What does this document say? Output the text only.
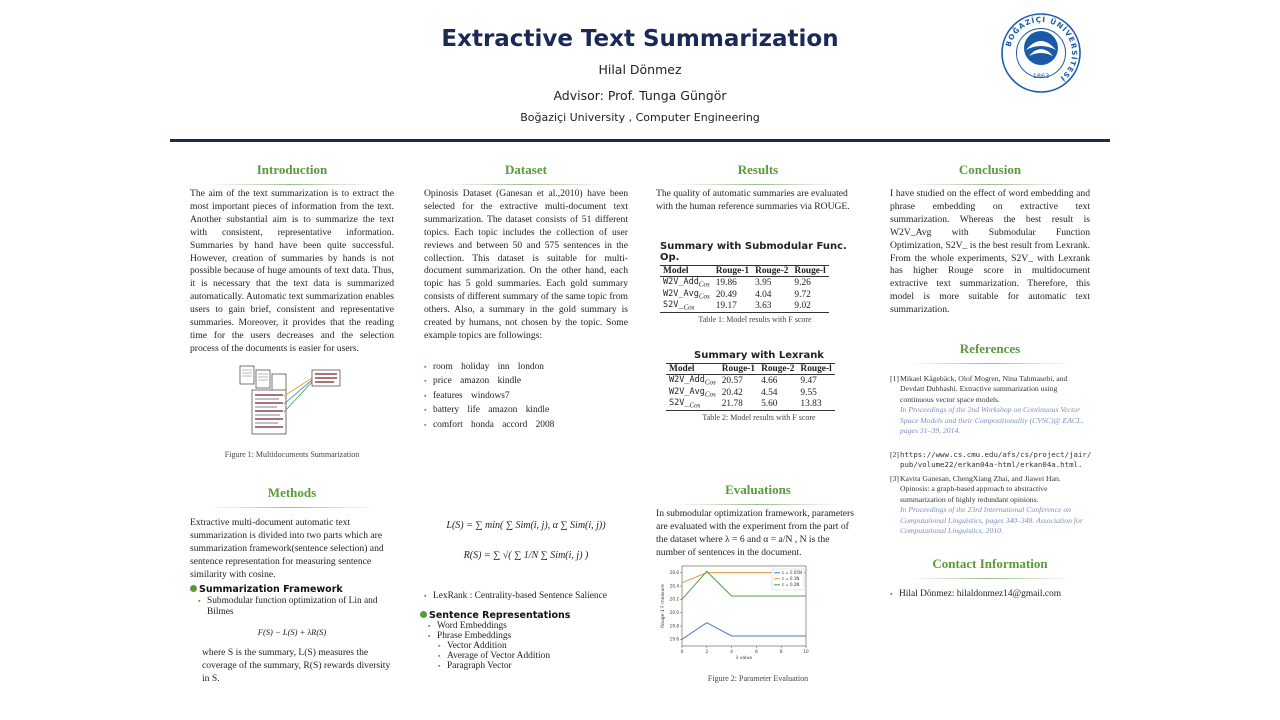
Extractive Text Summarization
Hilal Dönmez
Advisor: Prof. Tunga Güngör
Boğaziçi University , Computer Engineering
BOĞAZİÇİ ÜNİVERSİTESİ
1863
Introduction
The aim of the text summarization is to extract the most important pieces of information from the text. Another substantial aim is to summarize the text with consistent, representative information. Summaries by hand have been quite successful. However, creation of summaries by hands is not possible because of huge amounts of text data. Thus, it is necessary that the text data is summarized automatically. Automatic text summarization enables users to gain brief, consistent and representative summaries. Moreover, it provides that the reading time for the users decreases and the selection process of the documents is easier for users.
Figure 1: Multidocuments Summarization
Methods
Extractive multi-document automatic text summarization is divided into two parts which are summarization framework(sentence selection) and sentence representation for measuring sentence similarity with cosine.
Summarization Framework
▪ Submodular function optimization of Lin and Bilmes
F(S) − L(S) + λR(S)
where S is the summary, L(S) measures the coverage of the summary, R(S) rewards diversity in S.
Dataset
Opinosis Dataset (Ganesan et al.,2010) have been selected for the extractive multi-document text summarization. The dataset consists of 51 different topics. Each topic includes the collection of user reviews and between 50 and 575 sentences in the collection. This dataset is suitable for multi-document summarization. On the other hand, each topic has 5 gold summaries. Each gold summary consists of different summary of the same topic from others. Also, a summary in the gold summary is created by humans, not chosen by the topic. Some example topics are followings:
▪ room holiday inn london
▪ price amazon kindle
▪ features windows7
▪ battery life amazon kindle
▪ comfort honda accord 2008
L(S) = ∑ min( ∑ Sim(i, j), α ∑ Sim(i, j))
R(S) = ∑ √( ∑ 1/N ∑ Sim(i, j) )
▪ LexRank : Centrality-based Sentence Salience
Sentence Representations
▪ Word Embeddings
▪ Phrase Embeddings
▪ Vector Addition
▪ Average of Vector Addition
▪ Paragraph Vector
Results
The quality of automatic summaries are evaluated with the human reference summaries via ROUGE.
Summary with Submodular Func. Op.
Model	Rouge-1	Rouge-2	Rouge-l
W2V_Add$_{Cos}$	19.86	3.95	9.26
W2V_Avg$_{Cos}$	20.49	4.04	9.72
$S2V\__{Cos}$	19.17	3.63	9.02
Table 1: Model results with F score
Summary with Lexrank
Model	Rouge-1	Rouge-2	Rouge-l
W2V_Add$_{Cos}$	20.57	4.66	9.47
W2V_Avg$_{Cos}$	20.42	4.54	9.55
$S2V\__{Cos}$	21.78	5.60	13.83
Table 2: Model results with F score
Evaluations
In submodular optimization framework, parameters are evaluated with the experiment from the part of the dataset where λ = 6 and α = a/N , N is the number of sentences in the document.
0	2	4	6	8	10
19.6
19.8
20.0
20.2
20.4
20.6
λ value
Rouge-1 F measure
ε = 0.05N
ε = 0.1N
ε = 0.2N
Figure 2: Parameter Evaluation
Conclusion
I have studied on the effect of word embedding and phrase embedding on extractive text summarization. Whereas the best result is W2V_Avg with Submodular Function Optimization, S2V_ is the best result from Lexrank. From the whole experiments, S2V_ with Lexrank has higher Rouge score in multidocument extractive text summarization. Therefore, this model is more suitable for automatic text summarization.
References
[1] Mikael Kågebäck, Olof Mogren, Nina Tahmasebi, and Devdatt Dubhashi. Extractive summarization using continuous vector space models.
In Proceedings of the 2nd Workshop on Continuous Vector Space Models and their Compositionality (CVSC)@ EACL, pages 31–39, 2014.
[2] https://www.cs.cmu.edu/afs/cs/project/jair/pub/volume22/erkan04a-html/erkan04a.html.
[3] Kavita Ganesan, ChengXiang Zhai, and Jiawei Han. Opinosis: a graph-based approach to abstractive summarization of highly redundant opinions.
In Proceedings of the 23rd International Conference on Computational Linguistics, pages 340–348. Association for Computational Linguistics, 2010.
Contact Information
▪ Hilal Dönmez: hilaldonmez14@gmail.com
